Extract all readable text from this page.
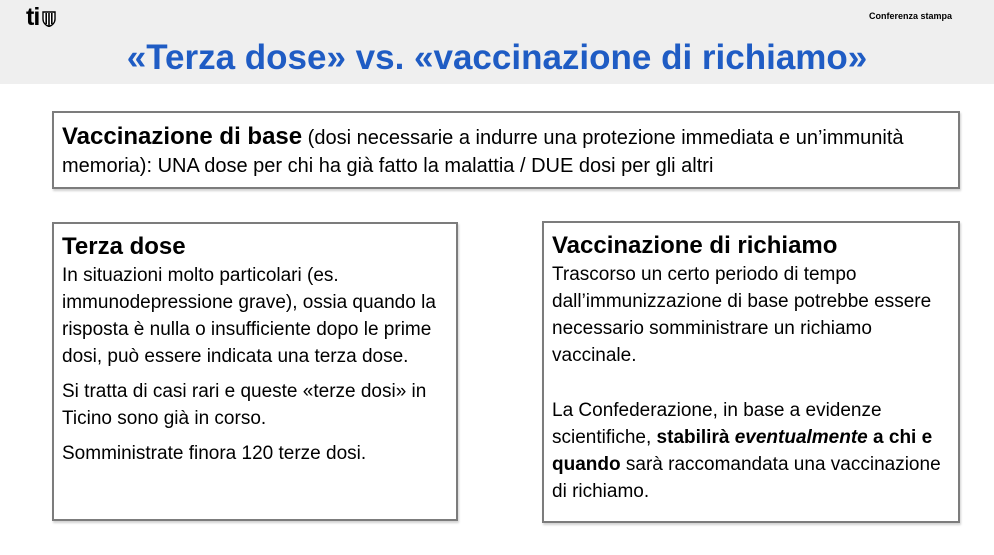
ti	Conferenza stampa
«Terza dose» vs. «vaccinazione di richiamo»
Vaccinazione di base (dosi necessarie a indurre una protezione immediata e un’immunità memoria): UNA dose per chi ha già fatto la malattia / DUE dosi per gli altri

Terza dose

In situazioni molto particolari (es. immunodepressione grave), ossia quando la risposta è nulla o insufficiente dopo le prime dosi, può essere indicata una terza dose.

Si tratta di casi rari e queste «terze dosi» in Ticino sono già in corso.

Somministrate finora 120 terze dosi.

Vaccinazione di richiamo

Trascorso un certo periodo di tempo dall’immunizzazione di base potrebbe essere necessario somministrare un richiamo vaccinale.

La Confederazione, in base a evidenze scientifiche, stabilirà eventualmente a chi e quando sarà raccomandata una vaccinazione di richiamo.
